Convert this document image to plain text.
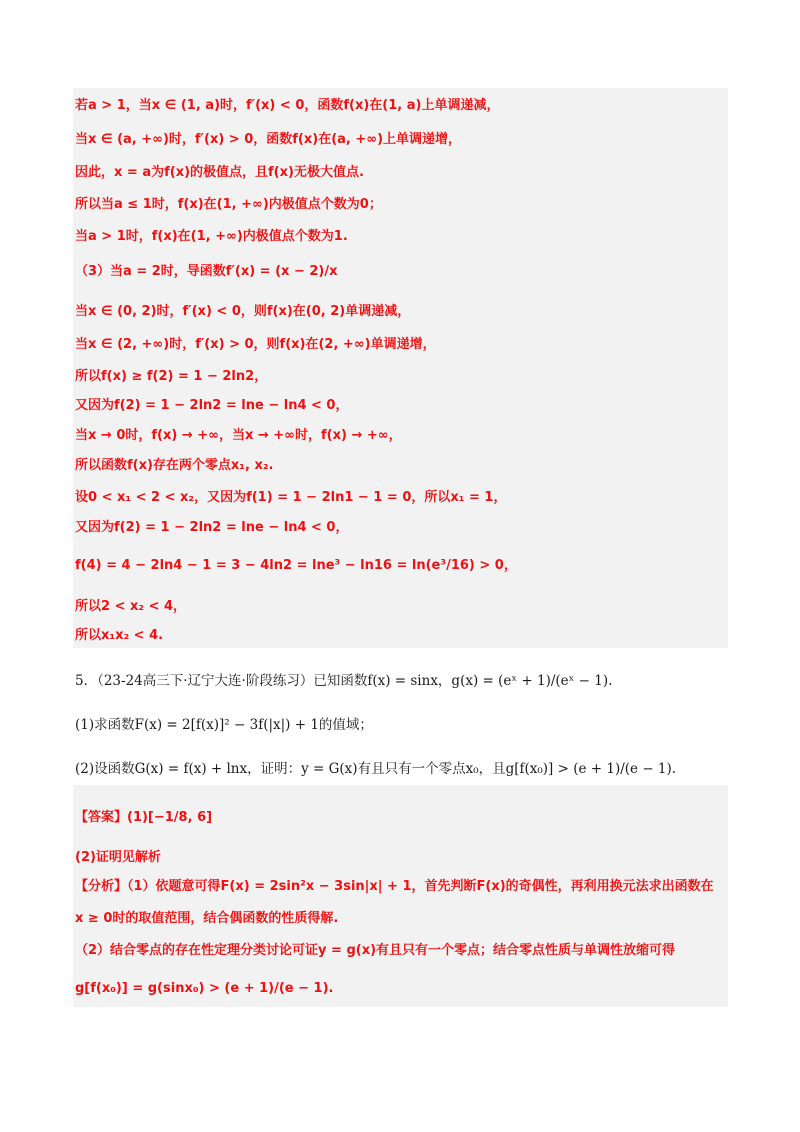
若a > 1，当x ∈ (1, a)时，f′(x) < 0，函数f(x)在(1, a)上单调递减，
当x ∈ (a, +∞)时，f′(x) > 0，函数f(x)在(a, +∞)上单调递增，
因此，x = a为f(x)的极值点，且f(x)无极大值点.
所以当a ≤ 1时，f(x)在(1, +∞)内极值点个数为0；
当a > 1时，f(x)在(1, +∞)内极值点个数为1.
（3）当a = 2时，导函数f′(x) = (x − 2)/x
当x ∈ (0, 2)时，f′(x) < 0，则f(x)在(0, 2)单调递减，
当x ∈ (2, +∞)时，f′(x) > 0，则f(x)在(2, +∞)单调递增，
所以f(x) ≥ f(2) = 1 − 2ln2，
又因为f(2) = 1 − 2ln2 = lne − ln4 < 0，
当x → 0时，f(x) → +∞，当x → +∞时，f(x) → +∞，
所以函数f(x)存在两个零点x₁, x₂.
设0 < x₁ < 2 < x₂，又因为f(1) = 1 − 2ln1 − 1 = 0，所以x₁ = 1，
又因为f(2) = 1 − 2ln2 = lne − ln4 < 0，
f(4) = 4 − 2ln4 − 1 = 3 − 4ln2 = lne³ − ln16 = ln(e³/16) > 0，
所以2 < x₂ < 4，
所以x₁x₂ < 4.
5．（23-24高三下·辽宁大连·阶段练习）已知函数f(x) = sinx，g(x) = (eˣ + 1)/(eˣ − 1).
(1)求函数F(x) = 2[f(x)]² − 3f(|x|) + 1的值域；
(2)设函数G(x) = f(x) + lnx，证明：y = G(x)有且只有一个零点x₀，且g[f(x₀)] > (e + 1)/(e − 1).
【答案】(1)[−1/8, 6]
(2)证明见解析
【分析】（1）依题意可得F(x) = 2sin²x − 3sin|x| + 1，首先判断F(x)的奇偶性，再利用换元法求出函数在
x ≥ 0时的取值范围，结合偶函数的性质得解.
（2）结合零点的存在性定理分类讨论可证y = g(x)有且只有一个零点；结合零点性质与单调性放缩可得
g[f(x₀)] = g(sinx₀) > (e + 1)/(e − 1).
